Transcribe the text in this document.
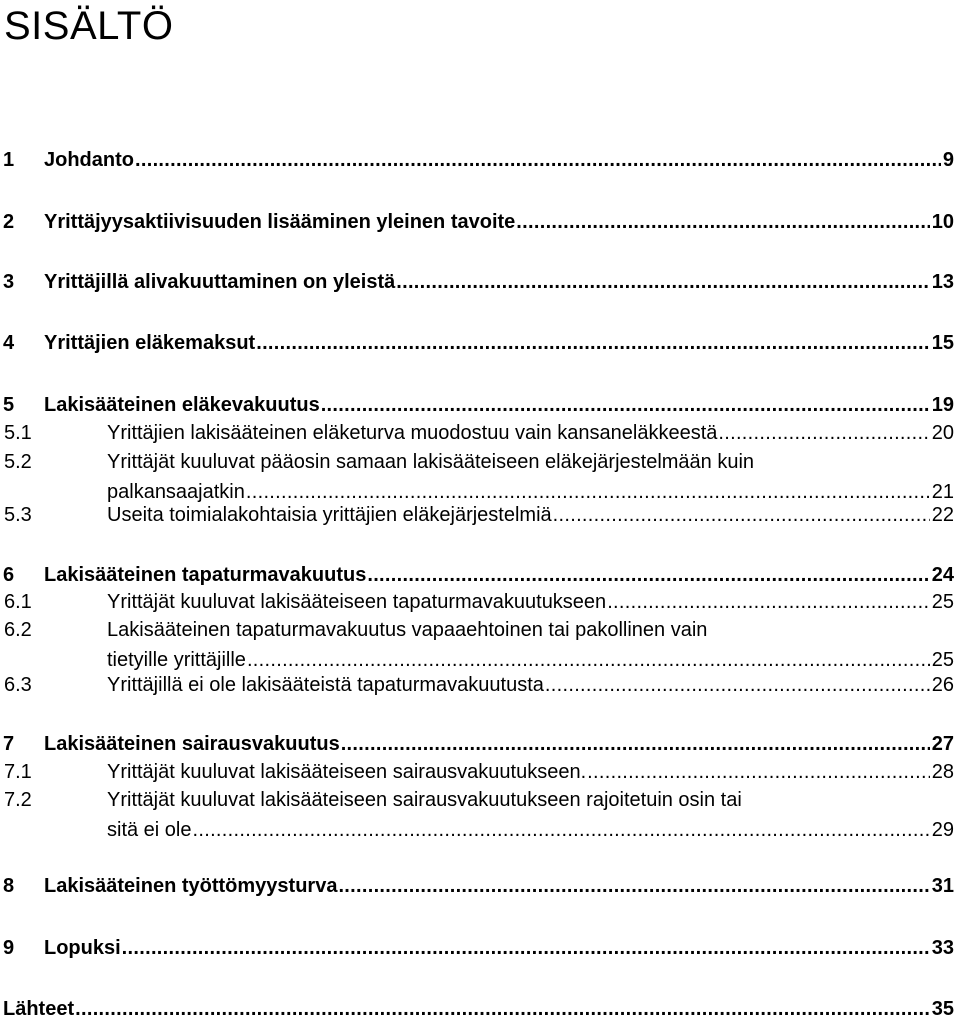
SISÄLTÖ
1 Johdanto .....	9
2 Yrittäjyysaktiivisuuden lisääminen yleinen tavoite .....	10
3 Yrittäjillä alivakuuttaminen on yleistä .....	13
4 Yrittäjien eläkemaksut .....	15
5 Lakisääteinen eläkevakuutus .....	19
5.1	Yrittäjien lakisääteinen eläketurva muodostuu vain kansaneläkkeestä .....	20
5.2	Yrittäjät kuuluvat pääosin samaan lakisääteiseen eläkejärjestelmään kuin
palkansaajatkin .....	21
5.3	Useita toimialakohtaisia yrittäjien eläkejärjestelmiä .....	22
6 Lakisääteinen tapaturmavakuutus .....	24
6.1	Yrittäjät kuuluvat lakisääteiseen tapaturmavakuutukseen .....	25
6.2	Lakisääteinen tapaturmavakuutus vapaaehtoinen tai pakollinen vain
tietyille yrittäjille .....	25
6.3	Yrittäjillä ei ole lakisääteistä tapaturmavakuutusta .....	26
7 Lakisääteinen sairausvakuutus .....	27
7.1	Yrittäjät kuuluvat lakisääteiseen sairausvakuutukseen. .....	28
7.2	Yrittäjät kuuluvat lakisääteiseen sairausvakuutukseen rajoitetuin osin tai
sitä ei ole .....	29
8 Lakisääteinen työttömyysturva .....	31
9 Lopuksi .....	33
Lähteet .....	35
